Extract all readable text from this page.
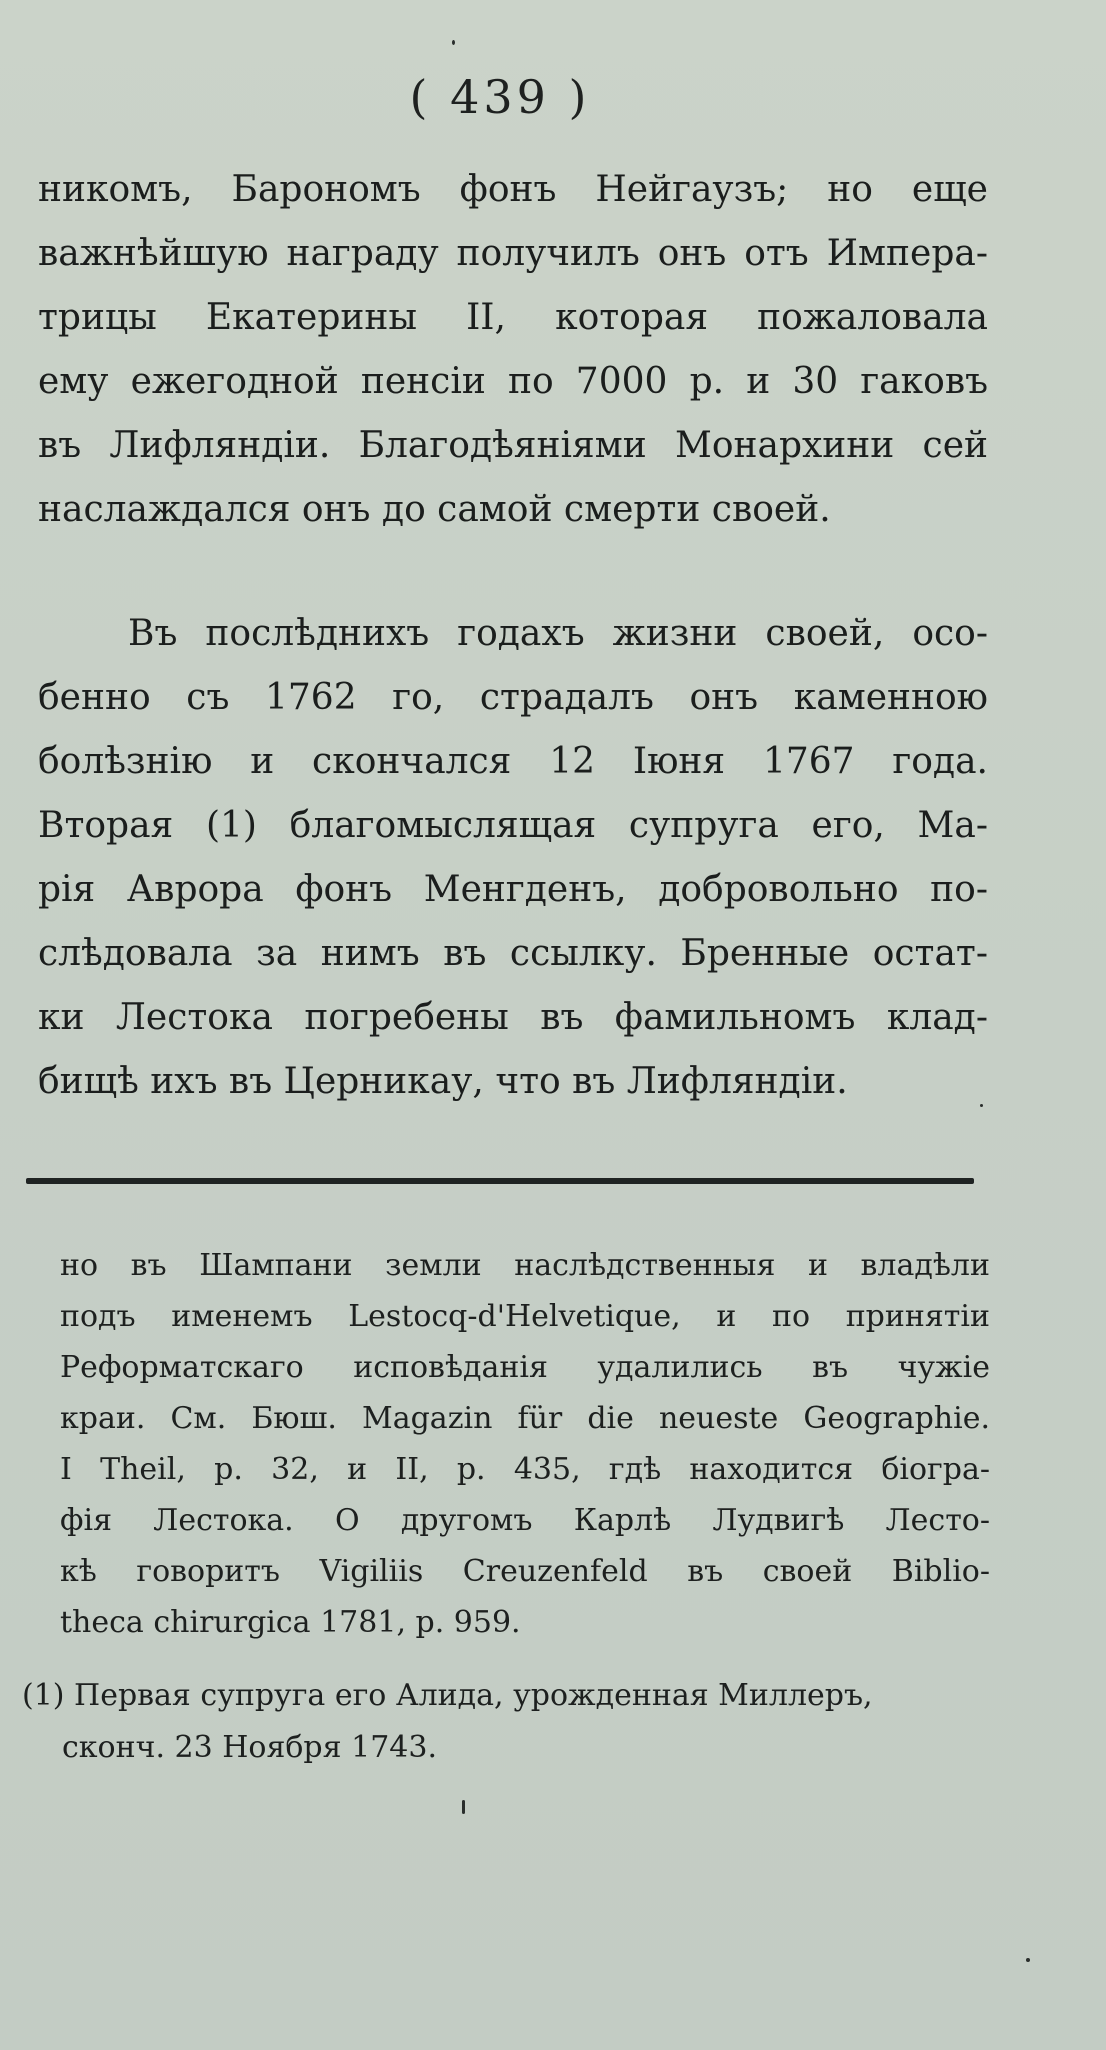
( 439 )
никомъ, Барономъ фонъ Нейгаузъ; но еще
важнѣйшую награду получилъ онъ отъ Импера-
трицы Екатерины II, которая пожаловала
ему ежегодной пенсіи по 7000 р. и 30 гаковъ
въ Лифляндіи. Благодѣяніями Монархини сей
наслаждался онъ до самой смерти своей.
Въ послѣднихъ годахъ жизни своей, осо-
бенно съ 1762 го, страдалъ онъ каменною
болѣзнію и скончался 12 Іюня 1767 года.
Вторая (1) благомыслящая супруга его, Ма-
рія Аврора фонъ Менгденъ, добровольно по-
слѣдовала за нимъ въ ссылку. Бренные остат-
ки Лестока погребены въ фамильномъ клад-
бищѣ ихъ въ Церникау, что въ Лифляндіи.
но въ Шампани земли наслѣдственныя и владѣли
подъ именемъ Lestocq-d'Helvetique, и по принятіи
Реформатскаго исповѣданія удалились въ чужіе
краи. См. Бюш. Magazin für die neueste Geographie.
I Theil, p. 32, и II, p. 435, гдѣ находится біогра-
фія Лестока. О другомъ Карлѣ Лудвигѣ Лесто-
кѣ говоритъ Vigiliis Creuzenfeld въ своей Biblio-
theca chirurgica 1781, p. 959.
(1) Первая супруга его Алида, урожденная Миллеръ,
сконч. 23 Ноября 1743.
